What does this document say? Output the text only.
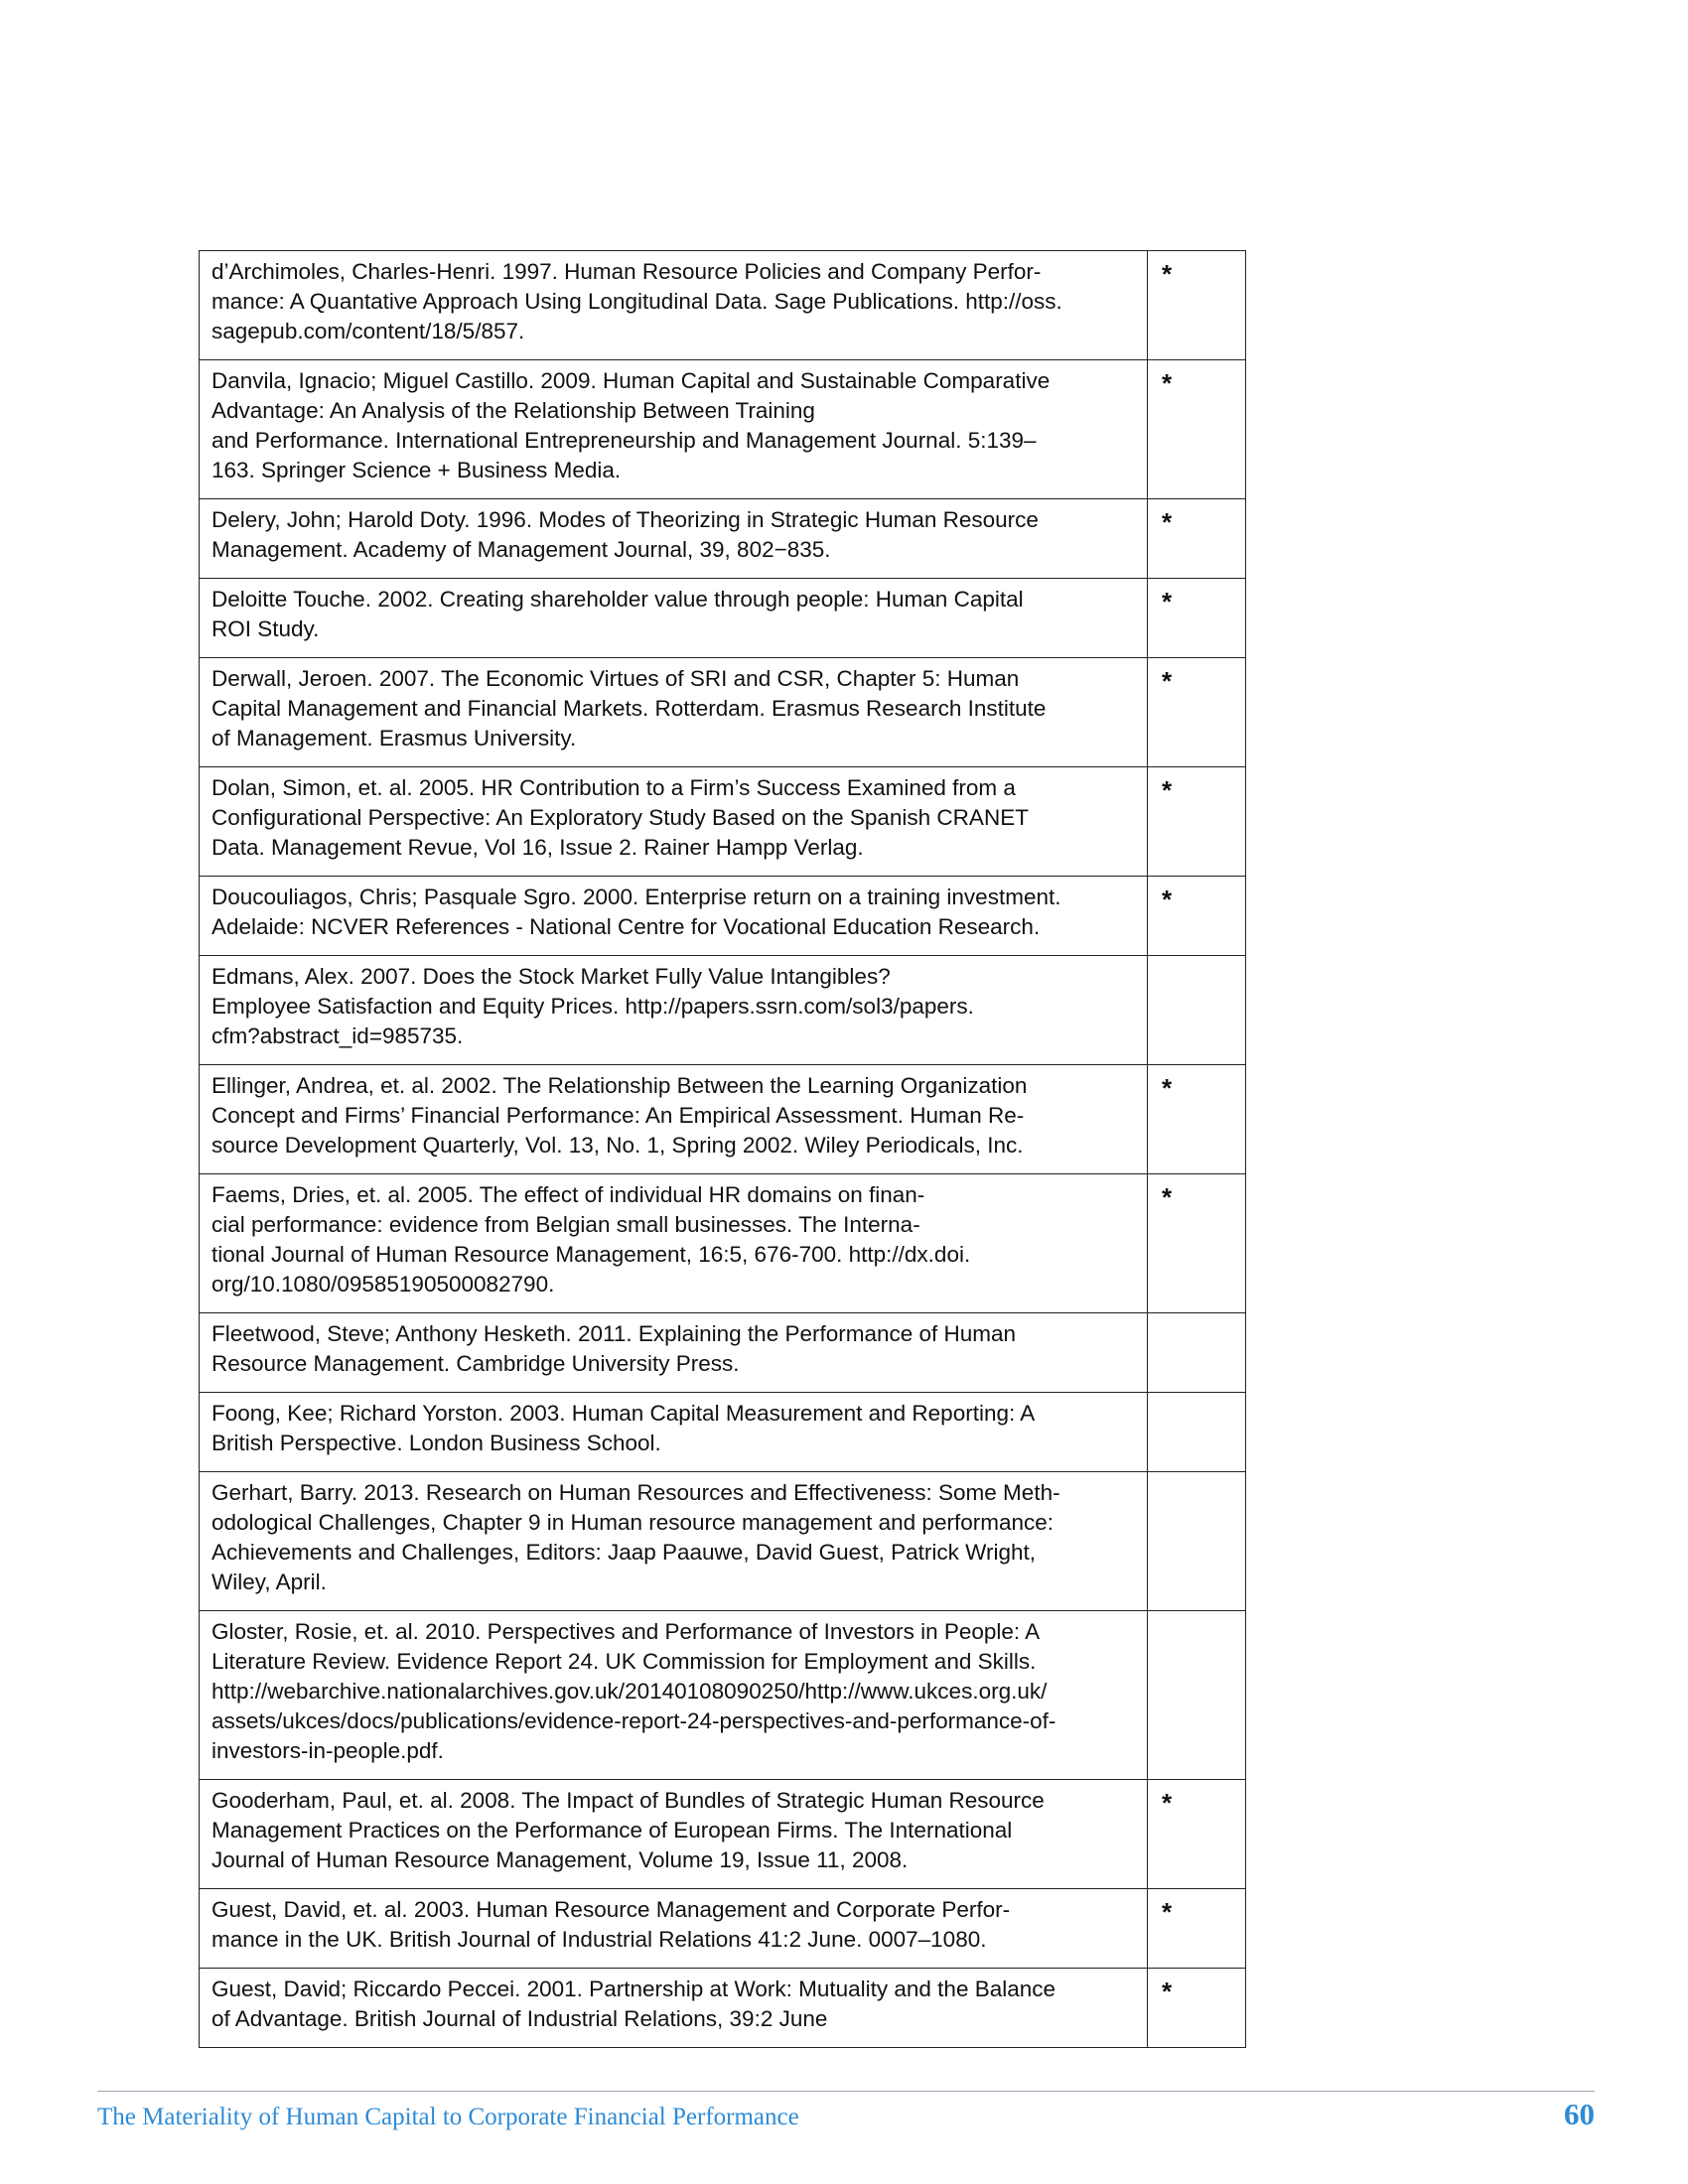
d’Archimoles, Charles-Henri. 1997. Human Resource Policies and Company Perfor-
mance: A Quantative Approach Using Longitudinal Data. Sage Publications. http://oss.
sagepub.com/content/18/5/857.	*

Danvila, Ignacio; Miguel Castillo. 2009. Human Capital and Sustainable Comparative
Advantage: An Analysis of the Relationship Between Training
and Performance. International Entrepreneurship and Management Journal. 5:139–
163. Springer Science + Business Media.	*

Delery, John; Harold Doty. 1996. Modes of Theorizing in Strategic Human Resource
Management. Academy of Management Journal, 39, 802−835.	*

Deloitte Touche. 2002. Creating shareholder value through people: Human Capital
ROI Study.	*

Derwall, Jeroen. 2007. The Economic Virtues of SRI and CSR, Chapter 5: Human
Capital Management and Financial Markets. Rotterdam. Erasmus Research Institute
of Management. Erasmus University.	*

Dolan, Simon, et. al. 2005. HR Contribution to a Firm’s Success Examined from a
Configurational Perspective: An Exploratory Study Based on the Spanish CRANET
Data. Management Revue, Vol 16, Issue 2. Rainer Hampp Verlag.	*

Doucouliagos, Chris; Pasquale Sgro. 2000. Enterprise return on a training investment.
Adelaide: NCVER References - National Centre for Vocational Education Research.	*

Edmans, Alex. 2007. Does the Stock Market Fully Value Intangibles?
Employee Satisfaction and Equity Prices. http://papers.ssrn.com/sol3/papers.
cfm?abstract_id=985735.	

Ellinger, Andrea, et. al. 2002. The Relationship Between the Learning Organization
Concept and Firms’ Financial Performance: An Empirical Assessment. Human Re-
source Development Quarterly, Vol. 13, No. 1, Spring 2002. Wiley Periodicals, Inc.	*

Faems, Dries, et. al. 2005. The effect of individual HR domains on finan-
cial performance: evidence from Belgian small businesses. The Interna-
tional Journal of Human Resource Management, 16:5, 676-700. http://dx.doi.
org/10.1080/09585190500082790.	*

Fleetwood, Steve; Anthony Hesketh. 2011. Explaining the Performance of Human
Resource Management. Cambridge University Press.	

Foong, Kee; Richard Yorston. 2003. Human Capital Measurement and Reporting: A
British Perspective. London Business School.	

Gerhart, Barry. 2013. Research on Human Resources and Effectiveness: Some Meth-
odological Challenges, Chapter 9 in Human resource management and performance:
Achievements and Challenges, Editors: Jaap Paauwe, David Guest, Patrick Wright,
Wiley, April.	

Gloster, Rosie, et. al. 2010. Perspectives and Performance of Investors in People: A
Literature Review. Evidence Report 24. UK Commission for Employment and Skills.
http://webarchive.nationalarchives.gov.uk/20140108090250/http://www.ukces.org.uk/
assets/ukces/docs/publications/evidence-report-24-perspectives-and-performance-of-
investors-in-people.pdf.	

Gooderham, Paul, et. al. 2008. The Impact of Bundles of Strategic Human Resource
Management Practices on the Performance of European Firms. The International
Journal of Human Resource Management, Volume 19, Issue 11, 2008.	*

Guest, David, et. al. 2003. Human Resource Management and Corporate Perfor-
mance in the UK. British Journal of Industrial Relations 41:2 June. 0007–1080.	*

Guest, David; Riccardo Peccei. 2001. Partnership at Work: Mutuality and the Balance
of Advantage. British Journal of Industrial Relations, 39:2 June	*
The Materiality of Human Capital to Corporate Financial Performance	60
